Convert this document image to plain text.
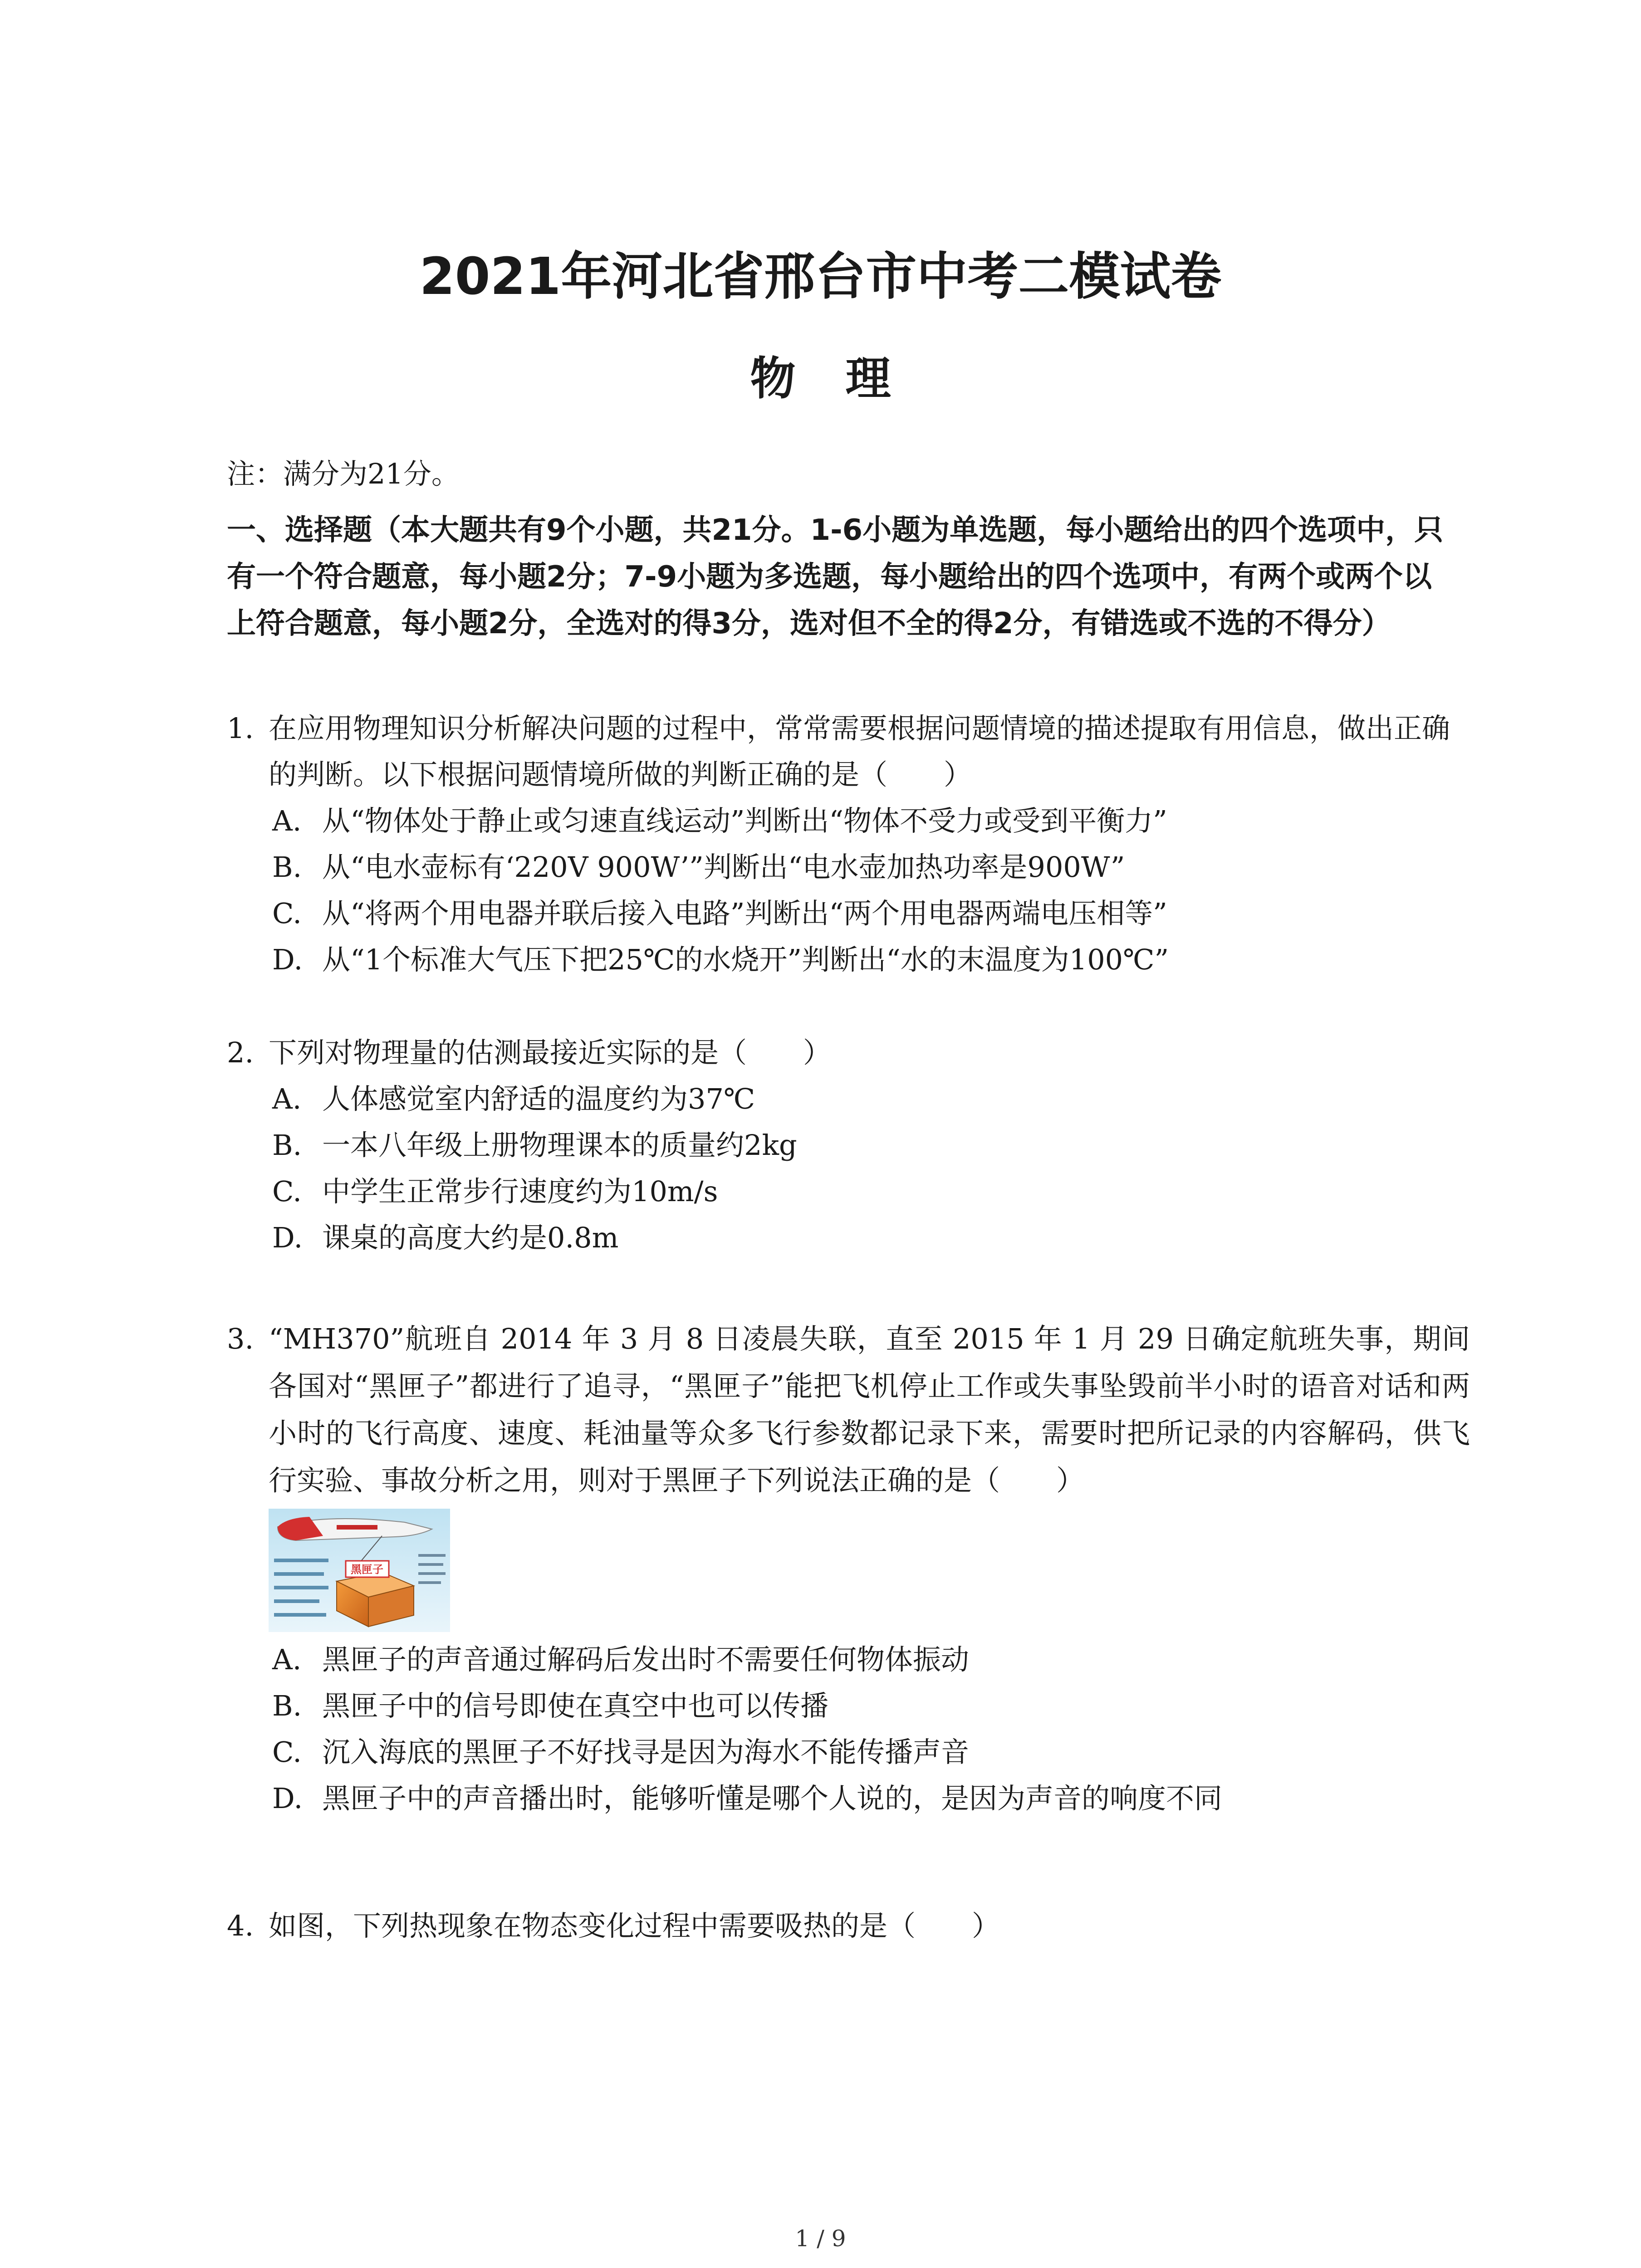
2021年河北省邢台市中考二模试卷
物理
注：满分为21分。
一、选择题（本大题共有9个小题，共21分。1-6小题为单选题，每小题给出的四个选项中，只有一个符合题意，每小题2分；7-9小题为多选题，每小题给出的四个选项中，有两个或两个以上符合题意，每小题2分，全选对的得3分，选对但不全的得2分，有错选或不选的不得分）
1. 在应用物理知识分析解决问题的过程中，常常需要根据问题情境的描述提取有用信息，做出正确的判断。以下根据问题情境所做的判断正确的是（　　）
A. 从“物体处于静止或匀速直线运动”判断出“物体不受力或受到平衡力”
B. 从“电水壶标有‘220V 900W’”判断出“电水壶加热功率是900W”
C. 从“将两个用电器并联后接入电路”判断出“两个用电器两端电压相等”
D. 从“1个标准大气压下把25℃的水烧开”判断出“水的末温度为100℃”
2. 下列对物理量的估测最接近实际的是（　　）
A. 人体感觉室内舒适的温度约为37℃
B. 一本八年级上册物理课本的质量约2kg
C. 中学生正常步行速度约为10m/s
D. 课桌的高度大约是0.8m
3. “MH370”航班自 2014 年 3 月 8 日凌晨失联，直至 2015 年 1 月 29 日确定航班失事，期间各国对“黑匣子”都进行了追寻，“黑匣子”能把飞机停止工作或失事坠毁前半小时的语音对话和两小时的飞行高度、速度、耗油量等众多飞行参数都记录下来，需要时把所记录的内容解码，供飞行实验、事故分析之用，则对于黑匣子下列说法正确的是（　　）
黑匣子
A. 黑匣子的声音通过解码后发出时不需要任何物体振动
B. 黑匣子中的信号即使在真空中也可以传播
C. 沉入海底的黑匣子不好找寻是因为海水不能传播声音
D. 黑匣子中的声音播出时，能够听懂是哪个人说的，是因为声音的响度不同
4. 如图，下列热现象在物态变化过程中需要吸热的是（　　）
1 / 9
